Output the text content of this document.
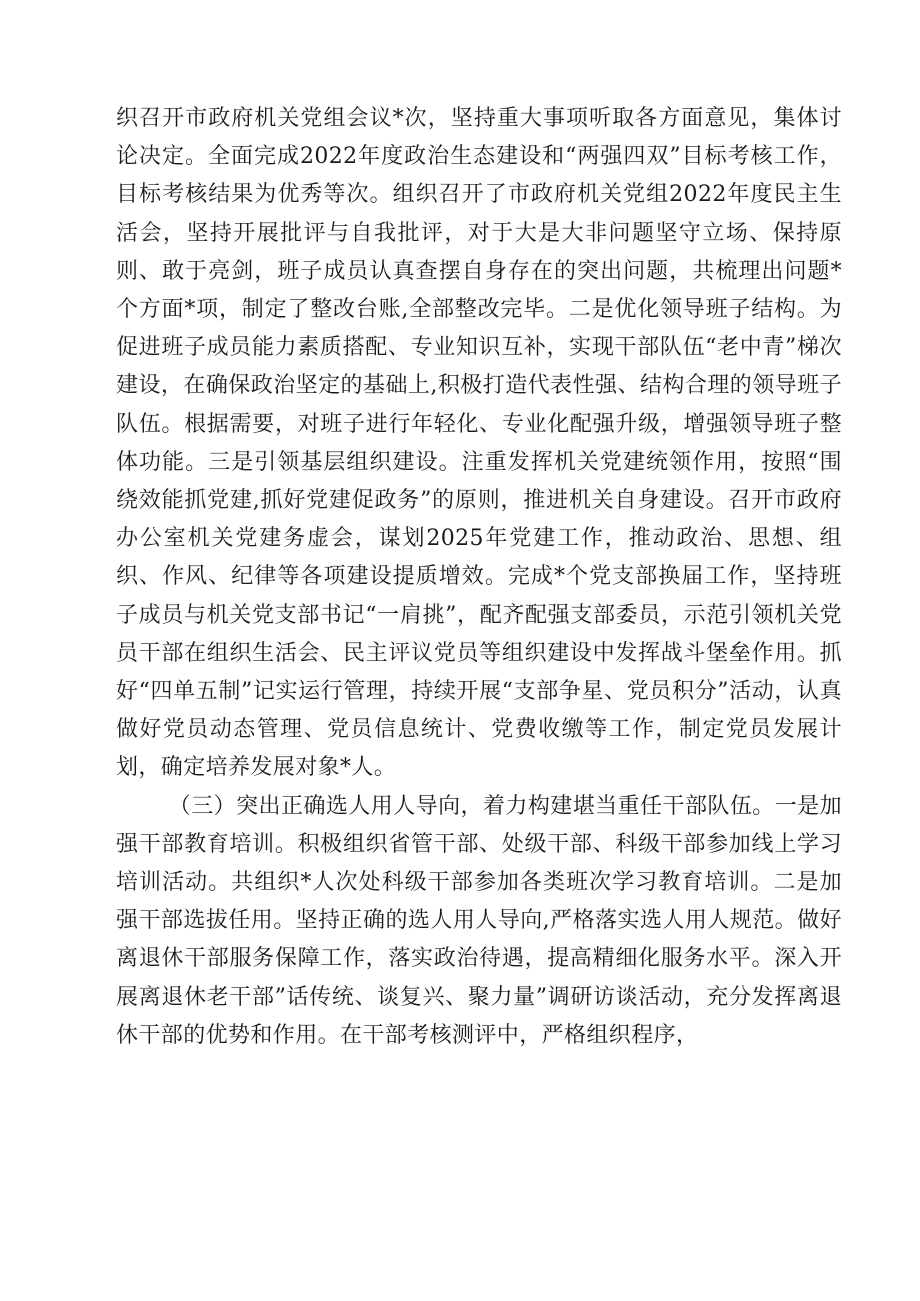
织召开市政府机关党组会议*次，坚持重大事项听取各方面意见，集体讨论决定。全面完成2022年度政治生态建设和“两强四双”目标考核工作，目标考核结果为优秀等次。组织召开了市政府机关党组2022年度民主生活会，坚持开展批评与自我批评，对于大是大非问题坚守立场、保持原则、敢于亮剑，班子成员认真查摆自身存在的突出问题，共梳理出问题*个方面*项，制定了整改台账,全部整改完毕。二是优化领导班子结构。为促进班子成员能力素质搭配、专业知识互补，实现干部队伍“老中青”梯次建设，在确保政治坚定的基础上,积极打造代表性强、结构合理的领导班子队伍。根据需要，对班子进行年轻化、专业化配强升级，增强领导班子整体功能。三是引领基层组织建设。注重发挥机关党建统领作用，按照“围绕效能抓党建,抓好党建促政务”的原则，推进机关自身建设。召开市政府办公室机关党建务虚会，谋划2025年党建工作，推动政治、思想、组织、作风、纪律等各项建设提质增效。完成*个党支部换届工作，坚持班子成员与机关党支部书记“一肩挑”，配齐配强支部委员，示范引领机关党员干部在组织生活会、民主评议党员等组织建设中发挥战斗堡垒作用。抓好“四单五制”记实运行管理，持续开展“支部争星、党员积分”活动，认真做好党员动态管理、党员信息统计、党费收缴等工作，制定党员发展计划，确定培养发展对象*人。

（三）突出正确选人用人导向，着力构建堪当重任干部队伍。一是加强干部教育培训。积极组织省管干部、处级干部、科级干部参加线上学习培训活动。共组织*人次处科级干部参加各类班次学习教育培训。二是加强干部选拔任用。坚持正确的选人用人导向,严格落实选人用人规范。做好离退休干部服务保障工作，落实政治待遇，提高精细化服务水平。深入开展离退休老干部”话传统、谈复兴、聚力量”调研访谈活动，充分发挥离退休干部的优势和作用。在干部考核测评中，严格组织程序，
